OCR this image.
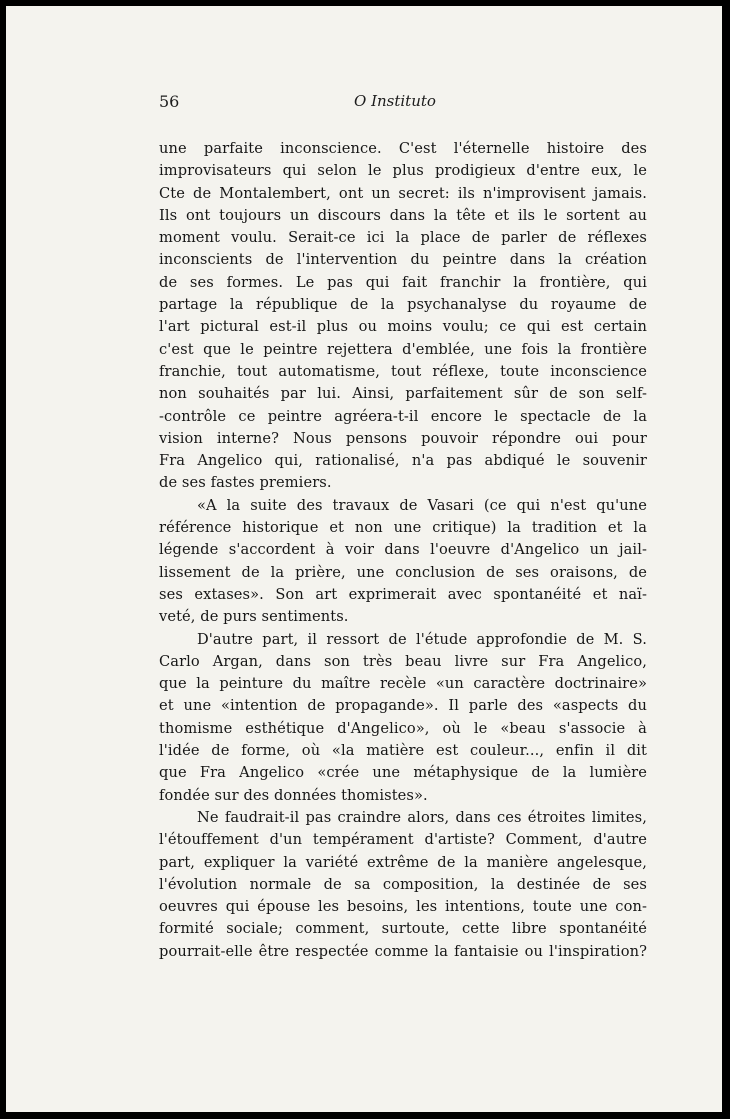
56	O Instituto
une parfaite inconscience. C'est l'éternelle histoire des
improvisateurs qui selon le plus prodigieux d'entre eux, le
Cte de Montalembert, ont un secret: ils n'improvisent jamais.
Ils ont toujours un discours dans la tête et ils le sortent au
moment voulu. Serait-ce ici la place de parler de réflexes
inconscients de l'intervention du peintre dans la création
de ses formes. Le pas qui fait franchir la frontière, qui
partage la république de la psychanalyse du royaume de
l'art pictural est-il plus ou moins voulu; ce qui est certain
c'est que le peintre rejettera d'emblée, une fois la frontière
franchie, tout automatisme, tout réflexe, toute inconscience
non souhaités par lui. Ainsi, parfaitement sûr de son self-
-contrôle ce peintre agréera-t-il encore le spectacle de la
vision interne? Nous pensons pouvoir répondre oui pour
Fra Angelico qui, rationalisé, n'a pas abdiqué le souvenir
de ses fastes premiers.
«A la suite des travaux de Vasari (ce qui n'est qu'une
référence historique et non une critique) la tradition et la
légende s'accordent à voir dans l'oeuvre d'Angelico un jail-
lissement de la prière, une conclusion de ses oraisons, de
ses extases». Son art exprimerait avec spontanéité et naï-
veté, de purs sentiments.
D'autre part, il ressort de l'étude approfondie de M. S.
Carlo Argan, dans son très beau livre sur Fra Angelico,
que la peinture du maître recèle «un caractère doctrinaire»
et une «intention de propagande». Il parle des «aspects du
thomisme esthétique d'Angelico», où le «beau s'associe à
l'idée de forme, où «la matière est couleur..., enfin il dit
que Fra Angelico «crée une métaphysique de la lumière
fondée sur des données thomistes».
Ne faudrait-il pas craindre alors, dans ces étroites limites,
l'étouffement d'un tempérament d'artiste? Comment, d'autre
part, expliquer la variété extrême de la manière angelesque,
l'évolution normale de sa composition, la destinée de ses
oeuvres qui épouse les besoins, les intentions, toute une con-
formité sociale; comment, surtoute, cette libre spontanéité
pourrait-elle être respectée comme la fantaisie ou l'inspiration?
